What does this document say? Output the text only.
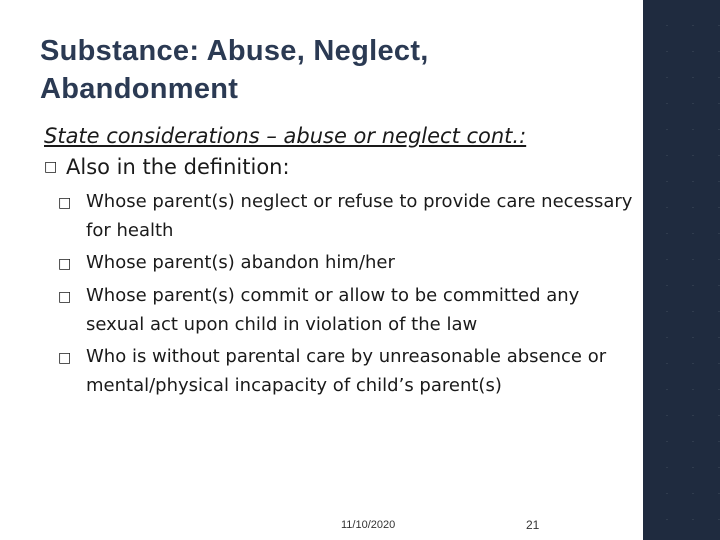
Substance: Abuse, Neglect, Abandonment

State considerations – abuse or neglect cont.:

□ Also in the definition:
□ Whose parent(s) neglect or refuse to provide care necessary for health
□ Whose parent(s) abandon him/her
□ Whose parent(s) commit or allow to be committed any sexual act upon child in violation of the law
□ Who is without parental care by unreasonable absence or mental/physical incapacity of child’s parent(s)
11/10/2020	21
